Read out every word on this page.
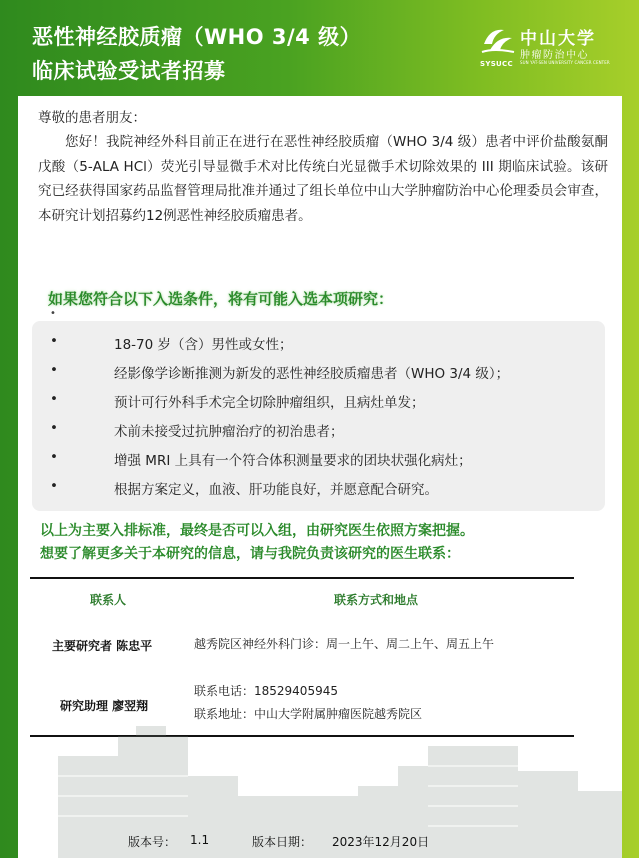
恶性神经胶质瘤（WHO 3/4 级）
临床试验受试者招募	SYSUCC
中山大学
肿瘤防治中心
SUN YAT-SEN UNIVERSITY CANCER CENTER
尊敬的患者朋友：
您好！我院神经外科目前正在进行在恶性神经胶质瘤（WHO 3/4 级）患者中评价盐酸氨酮戊酸（5-ALA HCl）荧光引导显微手术对比传统白光显微手术切除效果的 III 期临床试验。该研究已经获得国家药品监督管理局批准并通过了组长单位中山大学肿瘤防治中心伦理委员会审查，本研究计划招募约12例恶性神经胶质瘤患者。
如果您符合以下入选条件，将有可能入选本项研究：
•
•	18-70 岁（含）男性或女性；
•	经影像学诊断推测为新发的恶性神经胶质瘤患者（WHO 3/4 级）；
•	预计可行外科手术完全切除肿瘤组织，且病灶单发；
•	术前未接受过抗肿瘤治疗的初治患者；
•	增强 MRI 上具有一个符合体积测量要求的团块状强化病灶；
•	根据方案定义，血液、肝功能良好，并愿意配合研究。
以上为主要入排标准，最终是否可以入组，由研究医生依照方案把握。
想要了解更多关于本研究的信息，请与我院负责该研究的医生联系：
联系人	联系方式和地点
主要研究者 陈忠平	越秀院区神经外科门诊：周一上午、周二上午、周五上午
研究助理 廖翌翔
联系电话：18529405945
联系地址：中山大学附属肿瘤医院越秀院区
版本号： 1.1	版本日期： 2023年12月20日
